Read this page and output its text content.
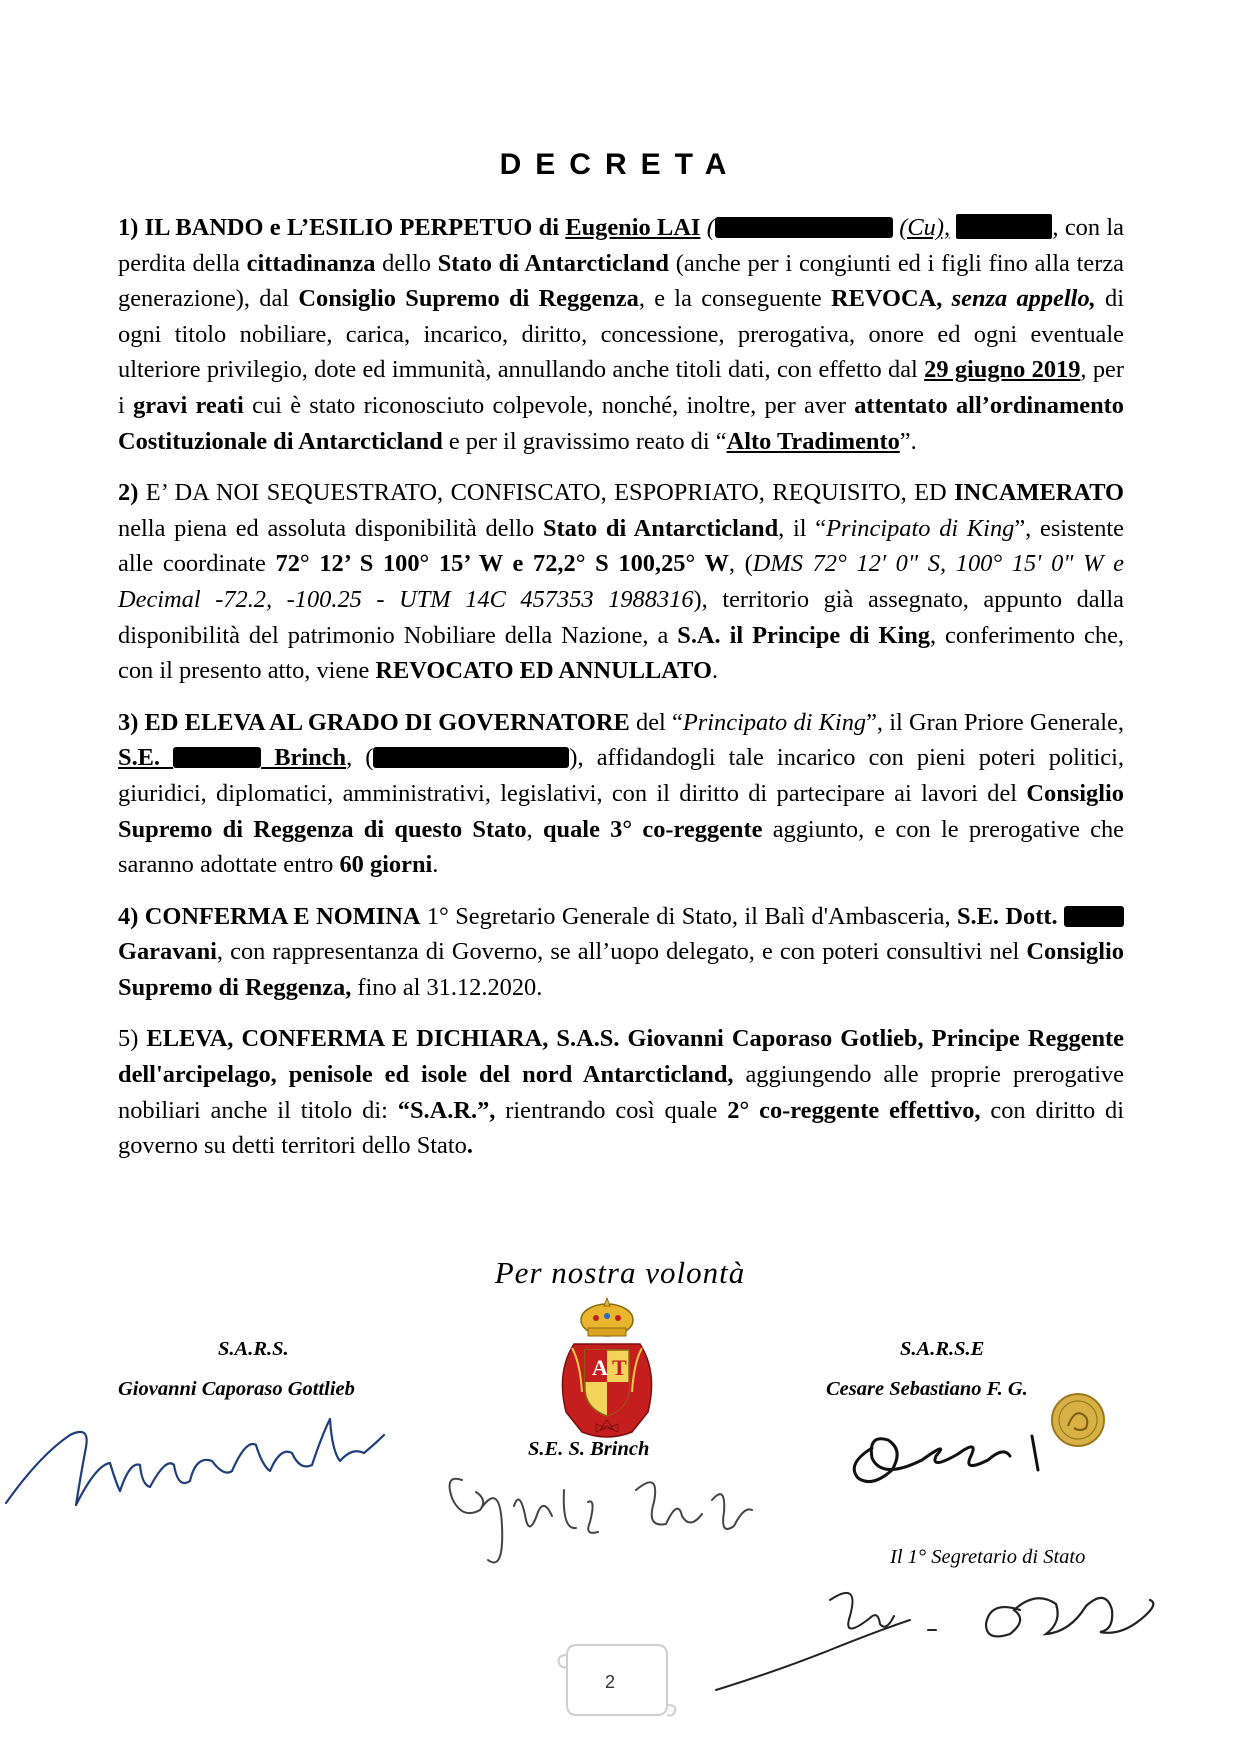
DECRETA

1) IL BANDO e L’ESILIO PERPETUO di Eugenio LAI (	(Cu),	, con la perdita della cittadinanza dello Stato di Antarcticland (anche per i congiunti ed i figli fino alla terza generazione), dal Consiglio Supremo di Reggenza, e la conseguente REVOCA, senza appello, di ogni titolo nobiliare, carica, incarico, diritto, concessione, prerogativa, onore ed ogni eventuale ulteriore privilegio, dote ed immunità, annullando anche titoli dati, con effetto dal 29 giugno 2019, per i gravi reati cui è stato riconosciuto colpevole, nonché, inoltre, per aver attentato all’ordinamento Costituzionale di Antarcticland e per il gravissimo reato di “Alto Tradimento”.

2) E’ DA NOI SEQUESTRATO, CONFISCATO, ESPOPRIATO, REQUISITO, ED INCAMERATO nella piena ed assoluta disponibilità dello Stato di Antarcticland, il “Principato di King”, esistente alle coordinate 72° 12’ S 100° 15’ W e 72,2° S 100,25° W, (DMS 72° 12' 0" S, 100° 15' 0" W e Decimal -72.2, -100.25 - UTM 14C 457353 1988316), territorio già assegnato, appunto dalla disponibilità del patrimonio Nobiliare della Nazione, a S.A. il Principe di King, conferimento che, con il presento atto, viene REVOCATO ED ANNULLATO.

3) ED ELEVA AL GRADO DI GOVERNATORE del “Principato di King”, il Gran Priore Generale, S.E.	Brinch, (	), affidandogli tale incarico con pieni poteri politici, giuridici, diplomatici, amministrativi, legislativi, con il diritto di partecipare ai lavori del Consiglio Supremo di Reggenza di questo Stato, quale 3° co-reggente aggiunto, e con le prerogative che saranno adottate entro 60 giorni.

4) CONFERMA E NOMINA 1° Segretario Generale di Stato, il Balì d'Ambasceria, S.E. Dott.  Garavani, con rappresentanza di Governo, se all’uopo delegato, e con poteri consultivi nel Consiglio Supremo di Reggenza, fino al 31.12.2020.

5) ELEVA, CONFERMA E DICHIARA, S.A.S. Giovanni Caporaso Gotlieb, Principe Reggente dell'arcipelago, penisole ed isole del nord Antarcticland, aggiungendo alle proprie prerogative nobiliari anche il titolo di: “S.A.R.”, rientrando così quale 2° co-reggente effettivo, con diritto di governo su detti territori dello Stato.

Per nostra volontà
S.A.R.S.
Giovanni Caporaso Gottlieb
S.A.R.S.E
Cesare Sebastiano F. G.
S.E. S. Brinch
Il 1° Segretario di Stato
A T
2
